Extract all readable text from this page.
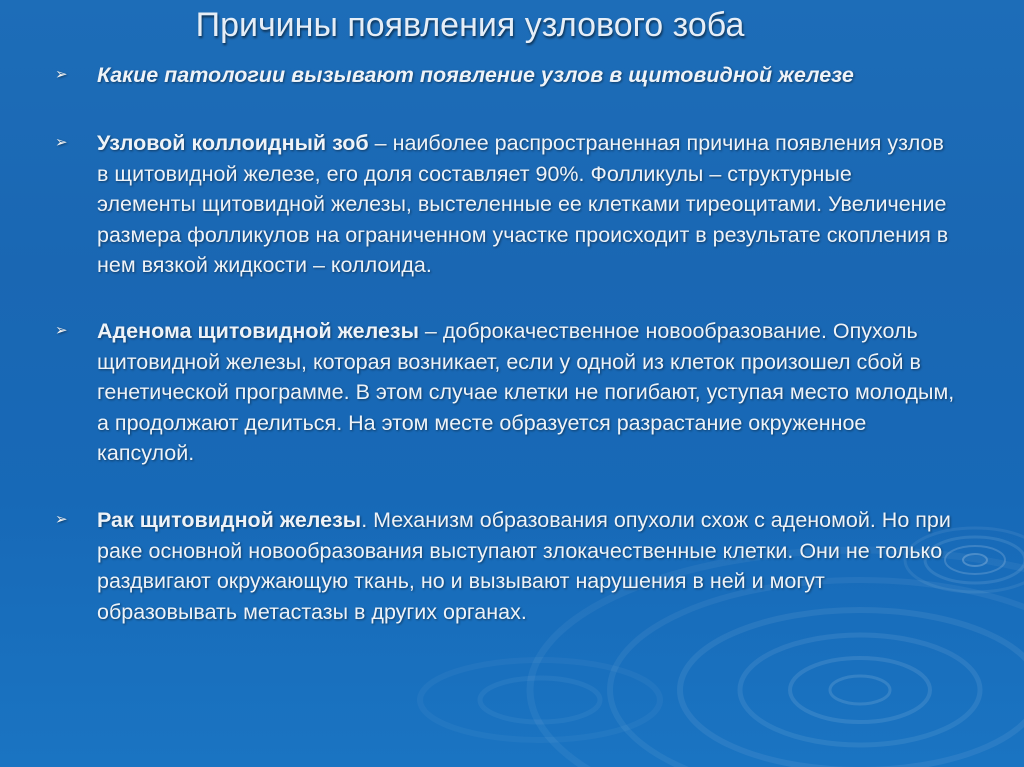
Причины появления узлового зоба
➢	Какие патологии вызывают появление узлов в щитовидной железе
➢	Узловой коллоидный зоб – наиболее распространенная причина появления узлов в щитовидной железе, его доля составляет 90%. Фолликулы – структурные элементы щитовидной железы, выстеленные ее клетками тиреоцитами. Увеличение размера фолликулов на ограниченном участке происходит в результате скопления в нем вязкой жидкости – коллоида.
➢	Аденома щитовидной железы – доброкачественное новообразование. Опухоль щитовидной железы, которая возникает, если у одной из клеток произошел сбой в генетической программе. В этом случае клетки не погибают, уступая место молодым, а продолжают делиться. На этом месте образуется разрастание окруженное капсулой.
➢	Рак щитовидной железы. Механизм образования опухоли схож с аденомой. Но при раке основной новообразования выступают злокачественные клетки. Они не только раздвигают окружающую ткань, но и вызывают нарушения в ней и могут образовывать метастазы в других органах.
